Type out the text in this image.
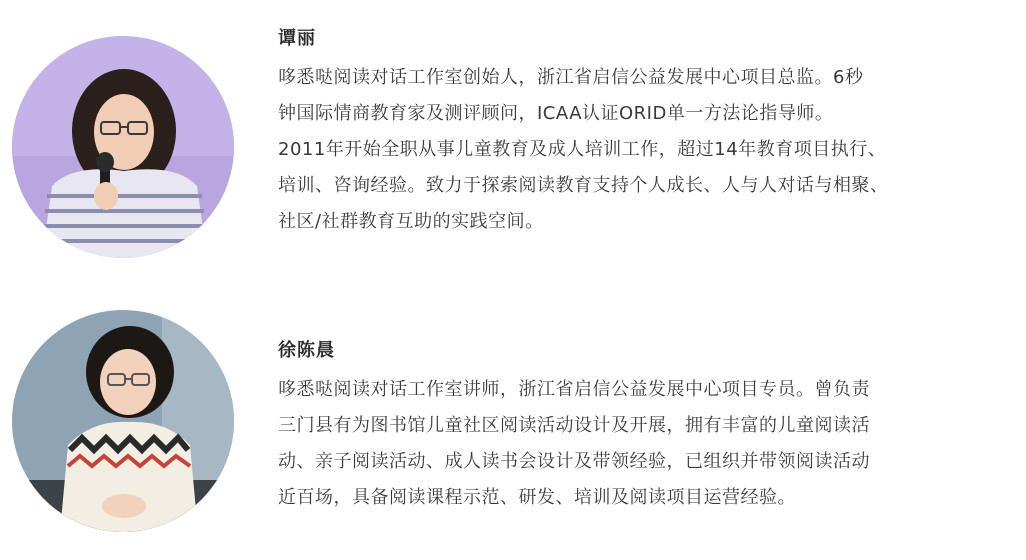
谭丽
哆悉哒阅读对话工作室创始人，浙江省启信公益发展中心项目总监。6秒
钟国际情商教育家及测评顾问，ICAA认证ORID单一方法论指导师。
2011年开始全职从事儿童教育及成人培训工作，超过14年教育项目执行、
培训、咨询经验。致力于探索阅读教育支持个人成长、人与人对话与相聚、
社区/社群教育互助的实践空间。
徐陈晨
哆悉哒阅读对话工作室讲师，浙江省启信公益发展中心项目专员。曾负责
三门县有为图书馆儿童社区阅读活动设计及开展，拥有丰富的儿童阅读活
动、亲子阅读活动、成人读书会设计及带领经验，已组织并带领阅读活动
近百场，具备阅读课程示范、研发、培训及阅读项目运营经验。
